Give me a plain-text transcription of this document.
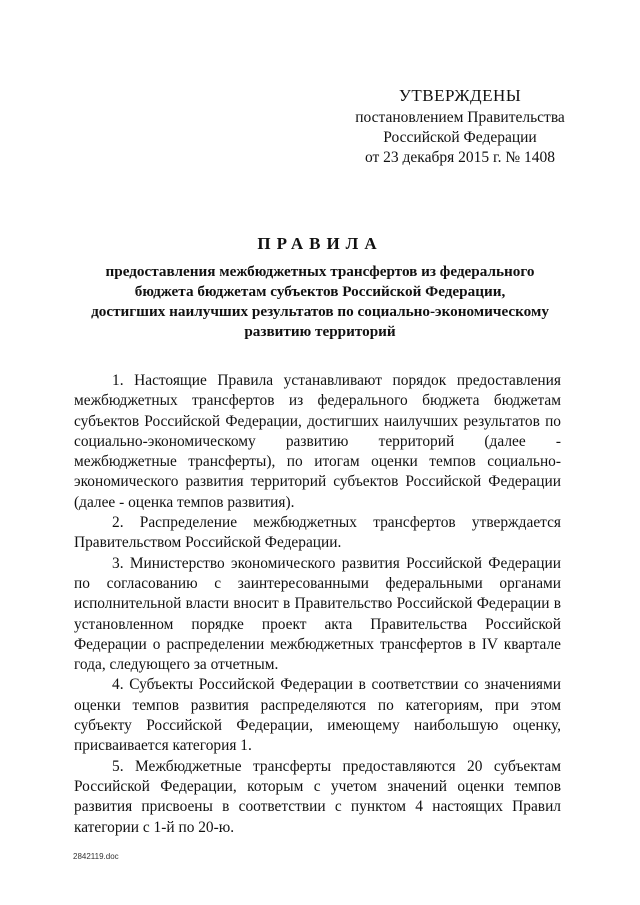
УТВЕРЖДЕНЫ
постановлением Правительства
Российской Федерации
от 23 декабря 2015 г. № 1408
ПРАВИЛА
предоставления межбюджетных трансфертов из федерального
бюджета бюджетам субъектов Российской Федерации,
достигших наилучших результатов по социально-экономическому
развитию территорий

1. Настоящие Правила устанавливают порядок предоставления межбюджетных трансфертов из федерального бюджета бюджетам субъектов Российской Федерации, достигших наилучших результатов по социально-экономическому развитию территорий (далее - межбюджетные трансферты), по итогам оценки темпов социально-экономического развития территорий субъектов Российской Федерации (далее - оценка темпов развития).

2. Распределение межбюджетных трансфертов утверждается Правительством Российской Федерации.

3. Министерство экономического развития Российской Федерации по согласованию с заинтересованными федеральными органами исполнительной власти вносит в Правительство Российской Федерации в установленном порядке проект акта Правительства Российской Федерации о распределении межбюджетных трансфертов в IV квартале года, следующего за отчетным.

4. Субъекты Российской Федерации в соответствии со значениями оценки темпов развития распределяются по категориям, при этом субъекту Российской Федерации, имеющему наибольшую оценку, присваивается категория 1.

5. Межбюджетные трансферты предоставляются 20 субъектам Российской Федерации, которым с учетом значений оценки темпов развития присвоены в соответствии с пунктом 4 настоящих Правил категории с 1-й по 20-ю.

2842119.doc
